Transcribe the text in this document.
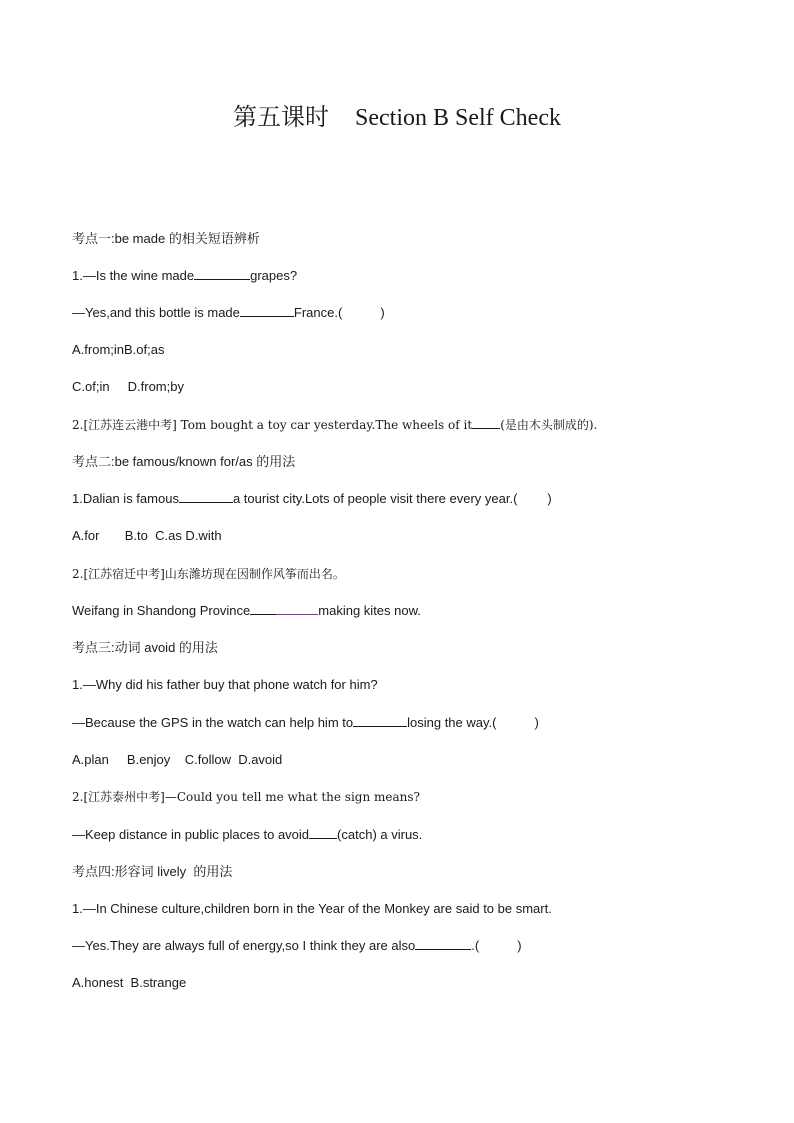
第五课时 Section B Self Check
考点一:be made 的相关短语辨析
1.—Is the wine made	grapes?
—Yes,and this bottle is made	France.(	)
A.from;inB.of;as
C.of;in     D.from;by
2.[江苏连云港中考] Tom bought a toy car yesterday.The wheels of it (是由木头制成的).
考点二:be famous/known for/as 的用法
1.Dalian is famous	a tourist city.Lots of people visit there every year.( )
A.for       B.to  C.as D.with
2.[江苏宿迁中考]山东潍坊现在因制作风筝而出名。
Weifang in Shandong Province	making kites now.
考点三:动词 avoid 的用法
1.—Why did his father buy that phone watch for him?
—Because the GPS in the watch can help him to	losing the way.(	)
A.plan     B.enjoy    C.follow  D.avoid
2.[江苏泰州中考]—Could you tell me what the sign means?
—Keep distance in public places to avoid (catch) a virus.
考点四:形容词 lively  的用法
1.—In Chinese culture,children born in the Year of the Monkey are said to be smart.
—Yes.They are always full of energy,so I think they are also	.(	)
A.honest  B.strange
